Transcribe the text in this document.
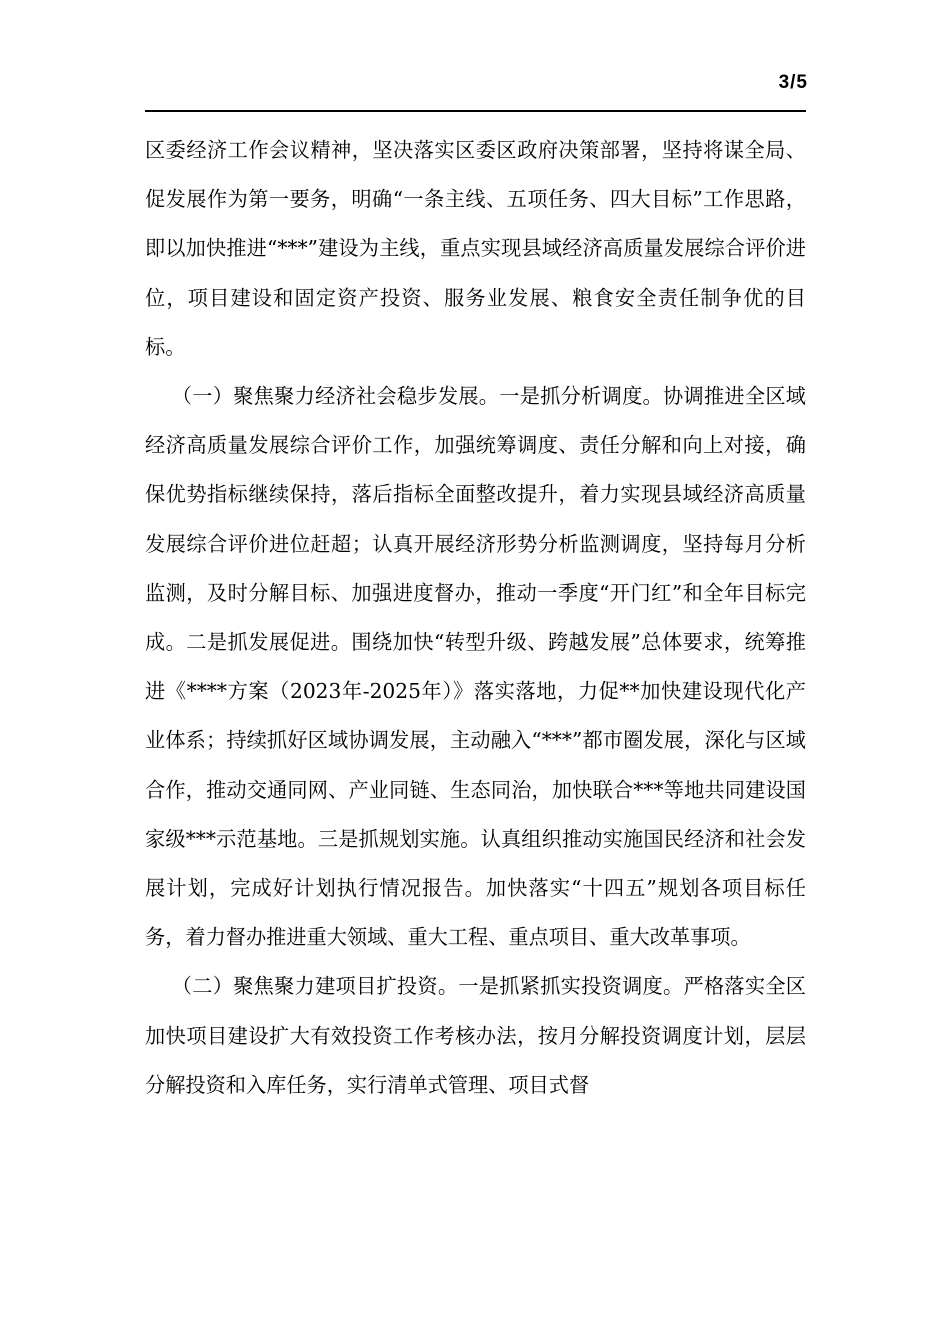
3/5

区委经济工作会议精神，坚决落实区委区政府决策部署，坚持将谋全局、促发展作为第一要务，明确“一条主线、五项任务、四大目标”工作思路，即以加快推进“***”建设为主线，重点实现县域经济高质量发展综合评价进位，项目建设和固定资产投资、服务业发展、粮食安全责任制争优的目标。

（一）聚焦聚力经济社会稳步发展。一是抓分析调度。协调推进全区域经济高质量发展综合评价工作，加强统筹调度、责任分解和向上对接，确保优势指标继续保持，落后指标全面整改提升，着力实现县域经济高质量发展综合评价进位赶超；认真开展经济形势分析监测调度，坚持每月分析监测，及时分解目标、加强进度督办，推动一季度“开门红”和全年目标完成。二是抓发展促进。围绕加快“转型升级、跨越发展”总体要求，统筹推进《****方案（2023年-2025年）》落实落地，力促**加快建设现代化产业体系；持续抓好区域协调发展，主动融入“***”都市圈发展，深化与区域合作，推动交通同网、产业同链、生态同治，加快联合***等地共同建设国家级***示范基地。三是抓规划实施。认真组织推动实施国民经济和社会发展计划，完成好计划执行情况报告。加快落实“十四五”规划各项目标任务，着力督办推进重大领域、重大工程、重点项目、重大改革事项。

（二）聚焦聚力建项目扩投资。一是抓紧抓实投资调度。严格落实全区加快项目建设扩大有效投资工作考核办法，按月分解投资调度计划，层层分解投资和入库任务，实行清单式管理、项目式督
